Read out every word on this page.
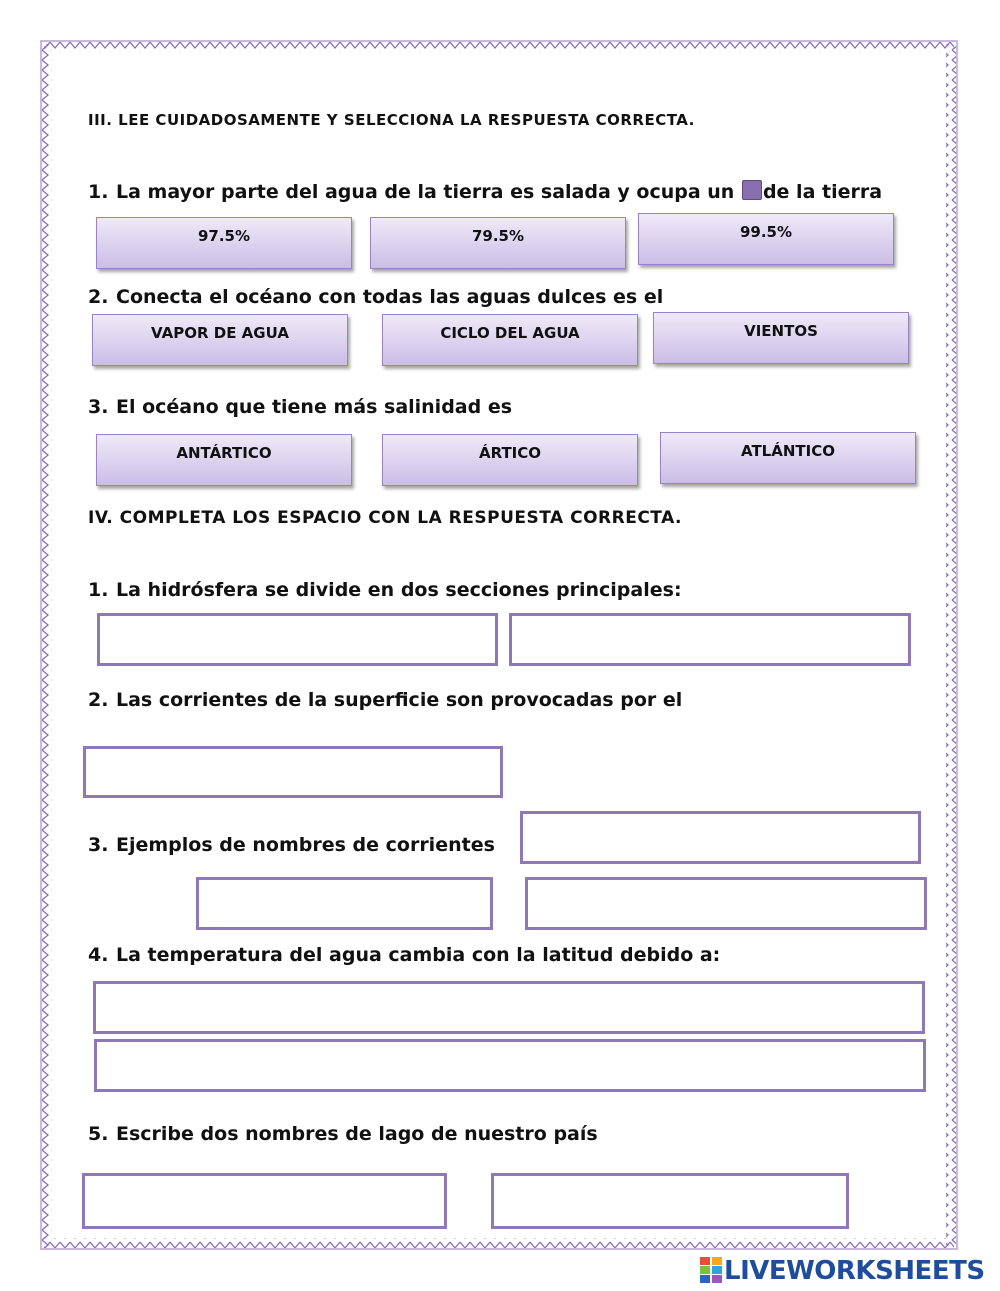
III. LEE CUIDADOSAMENTE Y SELECCIONA LA RESPUESTA CORRECTA.
1. La mayor parte del agua de la tierra es salada y ocupa un de la tierra
97.5%	79.5%	99.5%
2. Conecta el océano con todas las aguas dulces es el
VAPOR DE AGUA	CICLO DEL AGUA	VIENTOS
3. El océano que tiene más salinidad es
ANTÁRTICO	ÁRTICO	ATLÁNTICO
IV. COMPLETA LOS ESPACIO CON LA RESPUESTA CORRECTA.
1. La hidrósfera se divide en dos secciones principales:
2. Las corrientes de la superficie son provocadas por el
3. Ejemplos de nombres de corrientes
4. La temperatura del agua cambia con la latitud debido a:
5. Escribe dos nombres de lago de nuestro país
LIVEWORKSHEETS
